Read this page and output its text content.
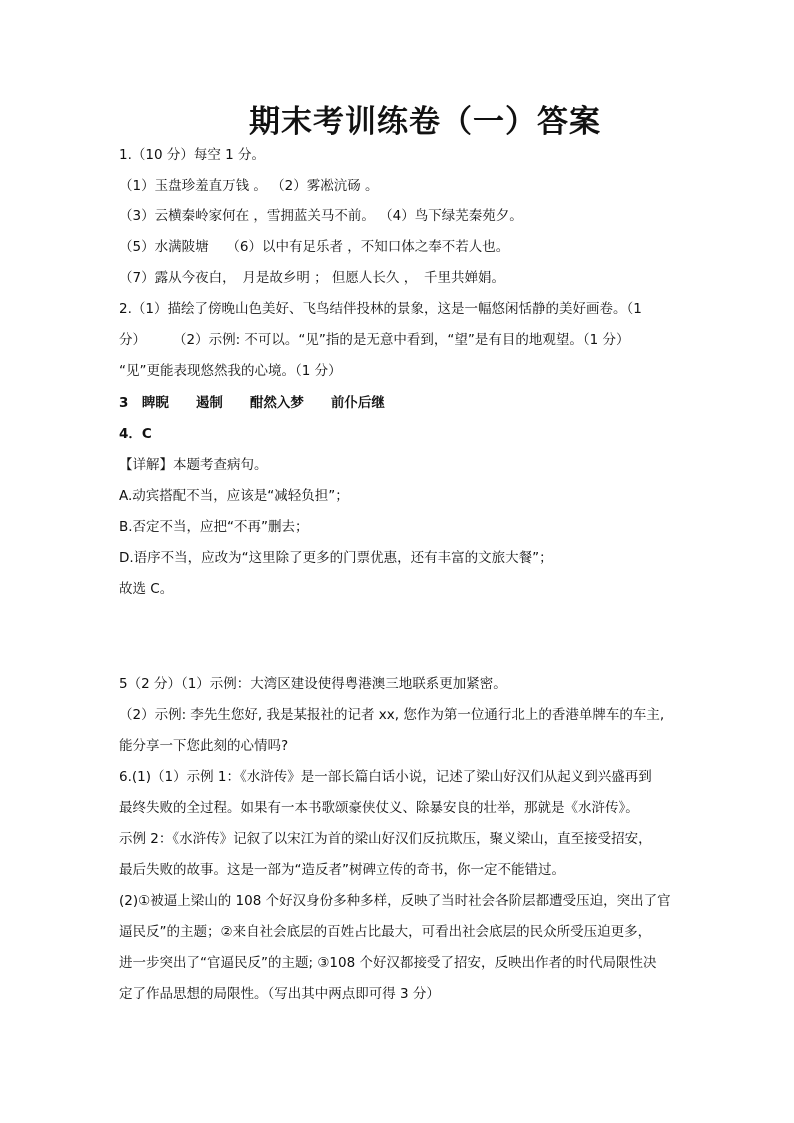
期末考训练卷（一）答案
1.（10 分）每空 1 分。
（1）玉盘珍羞直万钱 。 （2）雾凇沆砀 。
（3）云横秦岭家何在 ，雪拥蓝关马不前。 （4）鸟下绿芜秦苑夕。
（5）水满陂塘　 （6）以中有足乐者 ，不知口体之奉不若人也。
（7）露从今夜白，　月是故乡明 ； 但愿人长久 ，　千里共婵娟。
2.（1）描绘了傍晚山色美好、飞鸟结伴投林的景象，这是一幅悠闲恬静的美好画卷。（1
分）　　　（2）示例: 不可以。“见”指的是无意中看到，“望”是有目的地观望。（1 分）
“见”更能表现悠然我的心境。（1 分）
3　睥睨　　遏制　　酣然入梦　　前仆后继
4．C
【详解】本题考查病句。
A.动宾搭配不当，应该是“减轻负担”；
B.否定不当，应把“不再”删去；
D.语序不当，应改为“这里除了更多的门票优惠，还有丰富的文旅大餐”；
故选 C。
5（2 分）（1）示例：大湾区建设使得粤港澳三地联系更加紧密。
（2）示例: 李先生您好, 我是某报社的记者 xx, 您作为第一位通行北上的香港单牌车的车主,
能分享一下您此刻的心情吗?
6.(1)（1）示例 1：《水浒传》是一部长篇白话小说，记述了梁山好汉们从起义到兴盛再到
最终失败的全过程。如果有一本书歌颂豪侠仗义、除暴安良的壮举，那就是《水浒传》。
示例 2：《水浒传》记叙了以宋江为首的梁山好汉们反抗欺压，聚义梁山，直至接受招安，
最后失败的故事。这是一部为“造反者”树碑立传的奇书，你一定不能错过。
(2)①被逼上梁山的 108 个好汉身份多种多样，反映了当时社会各阶层都遭受压迫，突出了官
逼民反”的主题；②来自社会底层的百姓占比最大，可看出社会底层的民众所受压迫更多，
进一步突出了“官逼民反”的主题; ③108 个好汉都接受了招安，反映出作者的时代局限性决
定了作品思想的局限性。（写出其中两点即可得 3 分）
